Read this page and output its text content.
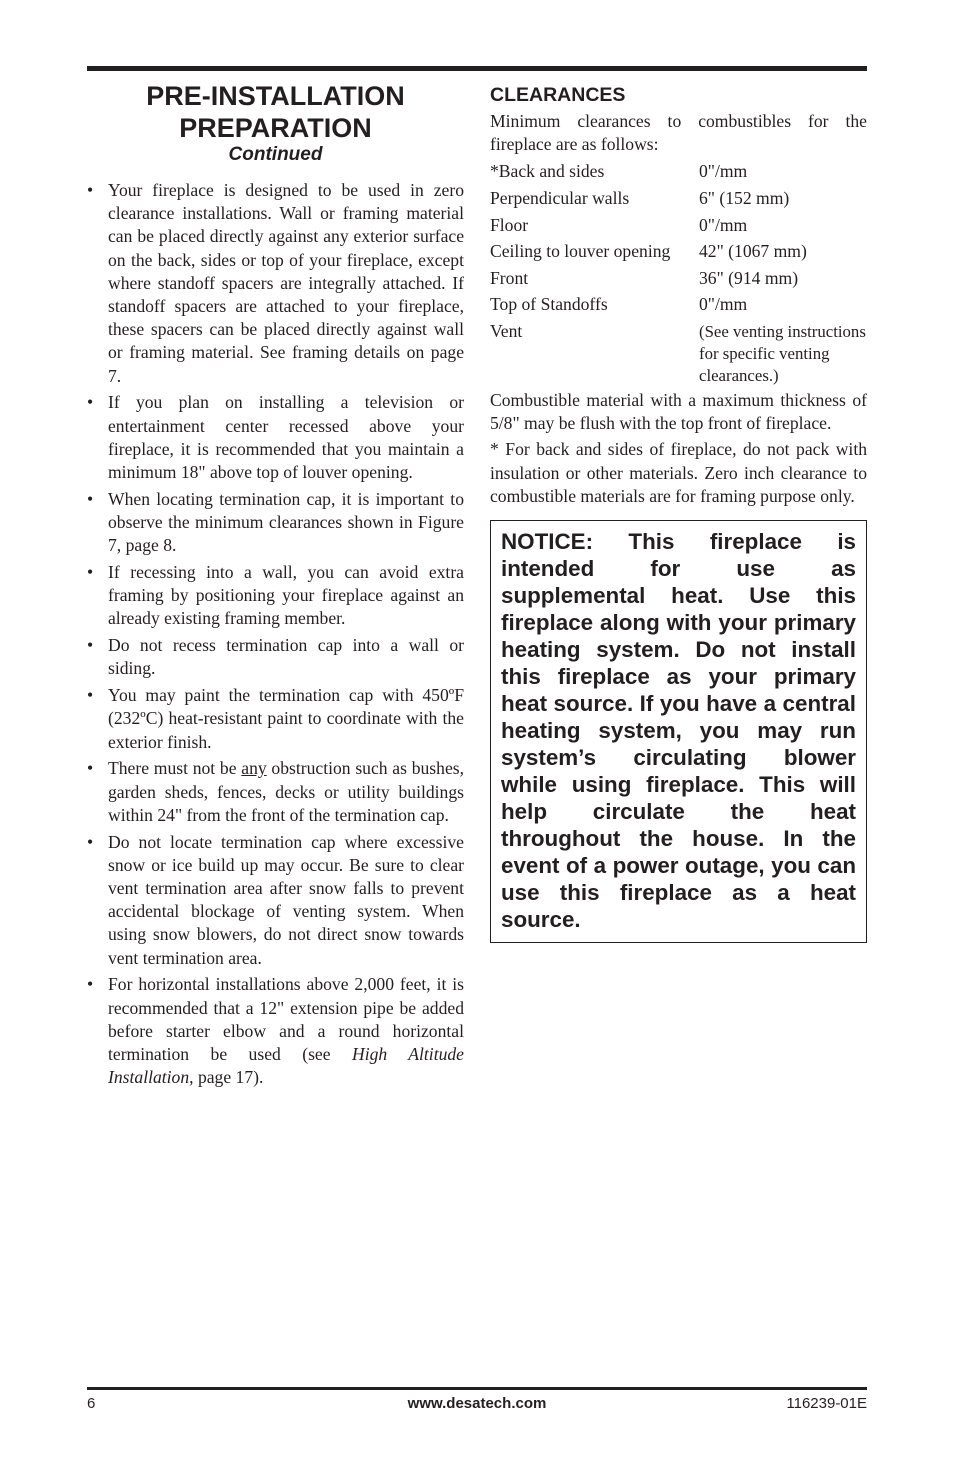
PRE-INSTALLATION
PREPARATION
Continued
• Your fireplace is designed to be used in zero clearance installations. Wall or framing material can be placed directly against any exterior surface on the back, sides or top of your fireplace, except where standoff spacers are integrally attached. If standoff spacers are attached to your fireplace, these spacers can be placed directly against wall or framing material. See framing details on page 7.
• If you plan on installing a television or entertainment center recessed above your fireplace, it is recommended that you maintain a minimum 18" above top of louver opening.
• When locating termination cap, it is important to observe the minimum clearances shown in Figure 7, page 8.
• If recessing into a wall, you can avoid extra framing by positioning your fireplace against an already existing framing member.
• Do not recess termination cap into a wall or siding.
• You may paint the termination cap with 450ºF (232ºC) heat-resistant paint to coordinate with the exterior finish.
• There must not be any obstruction such as bushes, garden sheds, fences, decks or utility buildings within 24" from the front of the termination cap.
• Do not locate termination cap where excessive snow or ice build up may occur. Be sure to clear vent termination area after snow falls to prevent accidental blockage of venting system. When using snow blowers, do not direct snow towards vent termination area.
• For horizontal installations above 2,000 feet, it is recommended that a 12" extension pipe be added before starter elbow and a round horizontal termination be used (see High Altitude Installation, page 17).
CLEARANCES

Minimum clearances to combustibles for the fireplace are as follows:

*Back and sides	0"/mm
Perpendicular walls	6" (152 mm)
Floor	0"/mm
Ceiling to louver opening	42" (1067 mm)
Front	36" (914 mm)
Top of Standoffs	0"/mm
Vent	(See venting instructions for specific venting clearances.)

Combustible material with a maximum thickness of 5/8" may be flush with the top front of fireplace.

* For back and sides of fireplace, do not pack with insulation or other materials. Zero inch clearance to combustible materials are for framing purpose only.

NOTICE: This fireplace is intended for use as supplemental heat. Use this fireplace along with your primary heating system. Do not install this fireplace as your primary heat source. If you have a central heating system, you may run system’s circulating blower while using fireplace. This will help circulate the heat throughout the house. In the event of a power outage, you can use this fireplace as a heat source.
6	www.desatech.com	116239-01E
